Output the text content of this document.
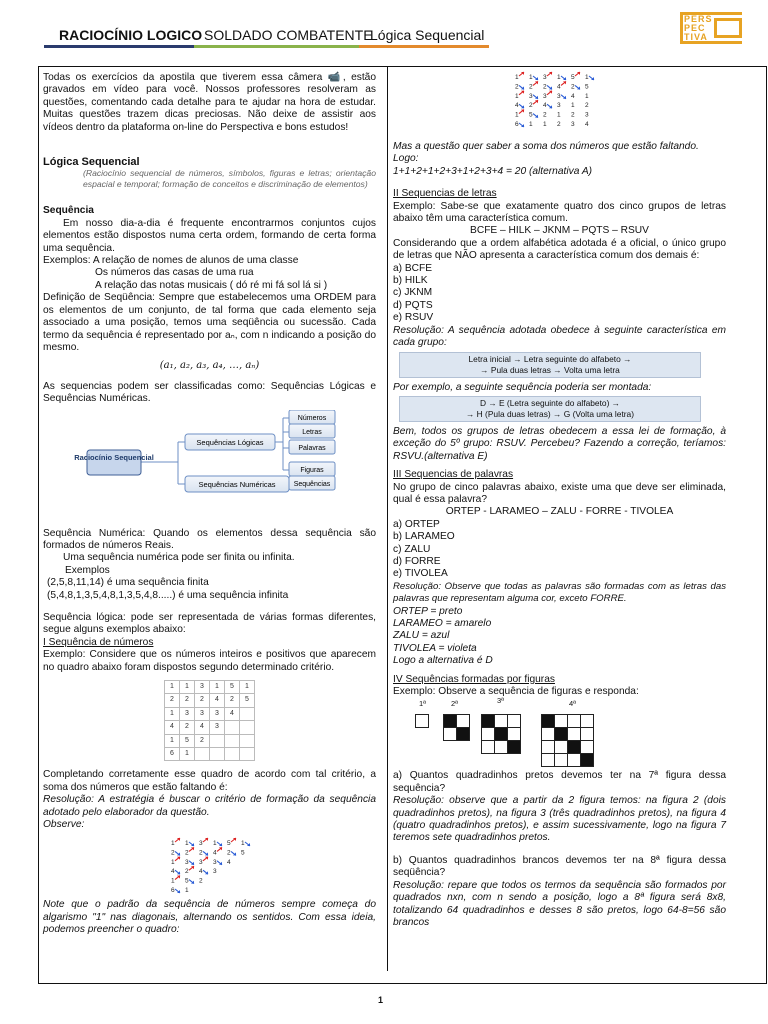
RACIOCÍNIO LOGICO SOLDADO COMBATENTE
Lógica Sequencial
PERS
PEC
TIVA

Todas os exercícios da apostila que tiverem essa câmera 📹, estão gravados em vídeo para você. Nossos professores resolveram as questões, comentando cada detalhe para te ajudar na hora de estudar. Muitas questões trazem dicas preciosas. Não deixe de assistir aos vídeos dentro da plataforma on-line do Perspectiva e bons estudos!

Lógica Sequencial

(Raciocínio sequencial de números, símbolos, figuras e letras; orientação espacial e temporal; formação de conceitos e discriminação de elementos)

Sequência

Em nosso dia-a-dia é frequente encontrarmos conjuntos cujos elementos estão dispostos numa certa ordem, formando de certa forma uma sequência.

Exemplos: A relação de nomes de alunos de uma classe

Os números das casas de uma rua

A relação das notas musicais ( dó ré mi fá sol lá si )

Definição de Seqüência: Sempre que estabelecemos uma ORDEM para os elementos de um conjunto, de tal forma que cada elemento seja associado a uma posição, temos uma seqüência ou sucessão. Cada termo da sequência é representado por aₙ, com n indicando a posição do mesmo.

(a₁, a₂, a₃, a₄, …, aₙ)

As sequencias podem ser classificadas como: Sequências Lógicas e Sequências Numéricas.

Raciocínio Sequencial
Sequências Lógicas
Sequências Numéricas
Números
Letras
Palavras
Figuras
Sequências

Sequência Numérica: Quando os elementos dessa sequência são formados de números Reais.

Uma sequência numérica pode ser finita ou infinita.

Exemplos

(2,5,8,11,14) é uma sequência finita

(5,4,8,1,3,5,4,8,1,3,5,4,8.....) é uma sequência infinita

Sequência lógica: pode ser representada de várias formas diferentes, segue alguns exemplos abaixo:

I Sequência de números

Exemplo: Considere que os números inteiros e positivos que aparecem no quadro abaixo foram dispostos segundo determinado critério.

1	1	3	1	5	1
2	2	2	4	2	5
1	3	3	3	4	
4	2	4	3		
1	5	2			
6	1				

Completando corretamente esse quadro de acordo com tal critério, a soma dos números que estão faltando é:

Resolução: A estratégia é buscar o critério de formação da sequência adotado pelo elaborador da questão.

Observe:

1 1 3 1 5 1
2 2 2 4 2 5
1 3 3 3 4
4 2 4 3
1 5 2
6 1

Note que o padrão da sequência de números sempre começa do algarismo "1" nas diagonais, alternando os sentidos. Com essa ideia, podemos preencher o quadro:

1 1 3 1 5 1
2 2 2 4 2 5
1 3 3 3 4 1
4 2 4 3 1 2
1 5 2 1 2 3
6 1 1 2 3 4

Mas a questão quer saber a soma dos números que estão faltando. Logo:

1+1+2+1+2+3+1+2+3+4 = 20 (alternativa A)

II Sequencias de letras

Exemplo: Sabe-se que exatamente quatro dos cinco grupos de letras abaixo têm uma característica comum.

BCFE – HILK – JKNM – PQTS – RSUV

Considerando que a ordem alfabética adotada é a oficial, o único grupo de letras que NÃO apresenta a característica comum dos demais é:

a) BCFE

b) HILK

c) JKNM

d) PQTS

e) RSUV

Resolução: A sequência adotada obedece à seguinte característica em cada grupo:

Letra inicial → Letra seguinte do alfabeto →
→ Pula duas letras → Volta uma letra

Por exemplo, a seguinte sequência poderia ser montada:

D → E (Letra seguinte do alfabeto) →
→ H (Pula duas letras) → G (Volta uma letra)

Bem, todos os grupos de letras obedecem a essa lei de formação, à exceção do 5º grupo: RSUV. Percebeu? Fazendo a correção, teríamos: RSVU.(alternativa E)

III Sequencias de palavras

No grupo de cinco palavras abaixo, existe uma que deve ser eliminada, qual é essa palavra?

ORTEP - LARAMEO – ZALU - FORRE - TIVOLEA

a) ORTEP

b) LARAMEO

c) ZALU

d) FORRE

e) TIVOLEA

Resolução: Observe que todas as palavras são formadas com as letras das palavras que representam alguma cor, exceto FORRE.

ORTEP = preto

LARAMEO = amarelo

ZALU = azul

TIVOLEA = violeta

Logo a alternativa é D

IV Sequências formadas por figuras

Exemplo: Observe a sequência de figuras e responda:

1ª	2ª	3ª	4ª

a) Quantos quadradinhos pretos devemos ter na 7ª figura dessa sequência?

Resolução: observe que a partir da 2 figura temos: na figura 2 (dois quadradinhos pretos), na figura 3 (três quadradinhos pretos), na figura 4 (quatro quadradinhos pretos), e assim sucessivamente, logo na figura 7 teremos sete quadradinhos pretos.

b) Quantos quadradinhos brancos devemos ter na 8ª figura dessa seqüência?

Resolução: repare que todos os termos da sequência são formados por quadrados nxn, com n sendo a posição, logo a 8ª figura será 8x8, totalizando 64 quadradinhos e desses 8 são pretos, logo 64-8=56 são brancos

1
